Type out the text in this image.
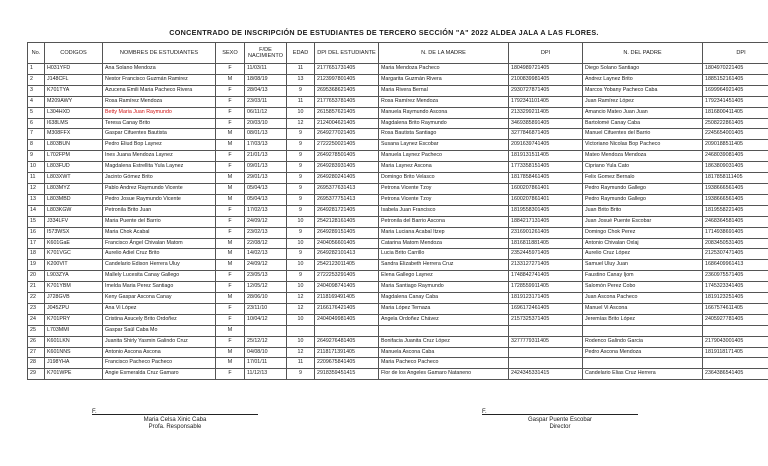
CONCENTRADO DE INSCRIPCIÓN DE ESTUDIANTES DE TERCERO SECCIÓN "A" 2022 ALDEA JALA A LAS FLORES.
No.	CODIGOS	NOMBRES DE ESTUDIANTES	SEXO	F/DE NACIMIENTO	EDAD	DPI DEL ESTUDIANTE	N. DE LA MADRE	DPI	N. DEL PADRE	DPI
1	H031YFD	Ana Solano Mendoza	F	11/03/11	11	2177651731405	Maria Mendoza Pacheco	1804989721405	Diego Solano Santiago	1804970221405
2	J148CFL	Nestor Francisco Guzmán Ramirez	M	18/08/19	13	2123997801405	Margarita Guzmán Rivera	2100839981405	Andrez Laynez Brito	1885152161405
3	K701TYA	Azucena Emili Maria Pacheco Rivera	F	28/04/13	9	2695368621405	Maria Rivera Bernal	2930727871405	Marcos Yobany Pacheco Caba	1699964921405
4	M209AWY	Rosa Ramírez Mendoza	F	23/03/11	11	2177653781405	Rosa Ramírez Mendoza	1792341101405	Juan Ramírez López	1792341451405
5	L304HXD	Betty Maria Juan Raymundo	F	06/11/12	10	2615857621405	Manuela Raymundo Ascona	2133299211405	Amancio Mateo Juan Juan	1816800411405
6	I638LMS	Teresa Canay Brito	F	20/03/10	12	2124004621405	Magdalena Brito Raymundo	3469385891405	Bartolomé Canay Caba	2508222861405
7	M308FFX	Gaspar Cifuentes Bautista	M	08/01/13	9	2649277021405	Rosa Bautista Santiago	3277846871405	Manuel Cifuentes del Barrio	2245654001405
8	L803BUN	Pedro Eliud Bop Laynez	M	17/03/13	9	2722250021405	Susana Laynez Escobar	2091639741405	Victoriano Nicolas Bop Pacheco	2090188511405
9	L702FPM	Ines Juana Mendoza Laynez	F	21/01/13	9	2649278501405	Manuela Laynez Pacheco	1819131511405	Mateo Mendoza Mendoza	2468039081405
10	L803FUD	Magdalena Estrellita Yula Laynez	F	09/01/13	9	2649283931405	Maria Laynez Ascona	1773358151405	Cipriano Yula Cato	1863809031405
11	L803XWT	Jacinto Gómez Brito	M	29/01/13	9	2649280241405	Domingo Brito Velasco	1817858461405	Felix Gomez Bernalo	1817858111405
12	L803MYZ	Pablo Andrez Raymundo Vicente	M	05/04/13	9	2695377631413	Petrona Vicente Tzoy	1600207861401	Pedro Raymundo Gallego	1938666561405
13	L803MBD	Pedro Josue Raymundo Vicente	M	05/04/13	9	2695377751413	Petrona Vicente Tzoy	1600207861401	Pedro Raymundo Gallego	1938666561405
14	L803KGW	Petronila Brito Juan	F	17/02/13	9	2649281721405	Isabela Juan Francisco	1819558301405	Juan Brito Brito	1819558221405
15	J334LFV	Maria Puente del Barrio	F	24/09/12	10	2542128161405	Petronila del Barrio Ascona	1884217131405	Juan Josué Puente Escobar	2468364581405
16	I573WSX	Maria Chok Acabal	F	23/02/13	9	2649289151405	Maria Luciana Acabal Itzep	2316901261405	Domingo Chok Perez	1714938691405
17	K601GaE	Francisco Ángel Chivalan Matom	M	22/08/12	10	2404056601405	Catarina Matom Mendoza	1816811881405	Antonio Chivalan Oxlaj	2083450531405
18	K701VGC	Aurelio Adiel Cruz Brito	M	14/02/13	9	2649282101413	Lucia Brito Carrillo	2352445971405	Aurelio Cruz López	2125307471405
19	K200VIT	Candelario Edison Herrera Uluy	M	24/09/12	10	2542123011405	Sandra Elizabeth Herrera Cruz	2133127271405	Samuel Uluy Juan	1686409961413
20	L903ZYA	Mallely Lucesita Canay Gallego	F	23/05/13	9	2722253291405	Elena Gallego Laynez	1748842741405	Faustino Canay Ijom	2360975571405
21	K701YBM	Imelda Maria Perez Santiago	F	12/05/12	10	2404098741405	Maria Santiago Raymundo	1728559911405	Salomón Perez Cobo	1745323341405
22	J728GVB	Keny Gaspar Ascona Canay	M	28/06/10	12	2118169491405	Magdalena Canay Caba	1819123171405	Juan Ascona Pacheco	1819123251405
23	J045ZPU	Ana Vi López	F	23/11/10	12	2166176421405	Maria López Ternaza	1696172461405	Manuel Vi Ascona	1667574611405
24	K701PRY	Cristina Asucely Brito Ordoñez	F	10/04/12	10	2404049981405	Angela Ordoñez Chávez	2157325371405	Jeremías Brito López	2405927781405
25	L703MMI	Gaspar Saúl Caba Mo	M							
26	K601LKN	Juanita Shirly Yasmin Galindo Cruz	F	25/12/12	10	2649276481405	Bonifacia Juanita Cruz López	3277779311405	Rodenco Galindo Garcia	2179043001405
27	K601NNS	Antonio Ascona Ascona	M	04/08/10	12	2118171391405	Manuela Ascona Caba		Pedro Ascona Mendoza	1819118171405
28	J198YHA	Francisco Pacheco Pacheco	M	17/01/11	11	2209675841405	Maria Pacheco Pacheco			
29	K701WPE	Angie Esmeralda Cruz Gamaro	F	11/12/13	9	2918359451415	Flor de los Angeles Gamaro Nataneno	2424345331415	Candelario Elias Cruz Herrera	2364386541405
F.
Maria Celsa Xinic Caba
Profa. Responsable
F.
Gaspar Puente Escobar
Director
